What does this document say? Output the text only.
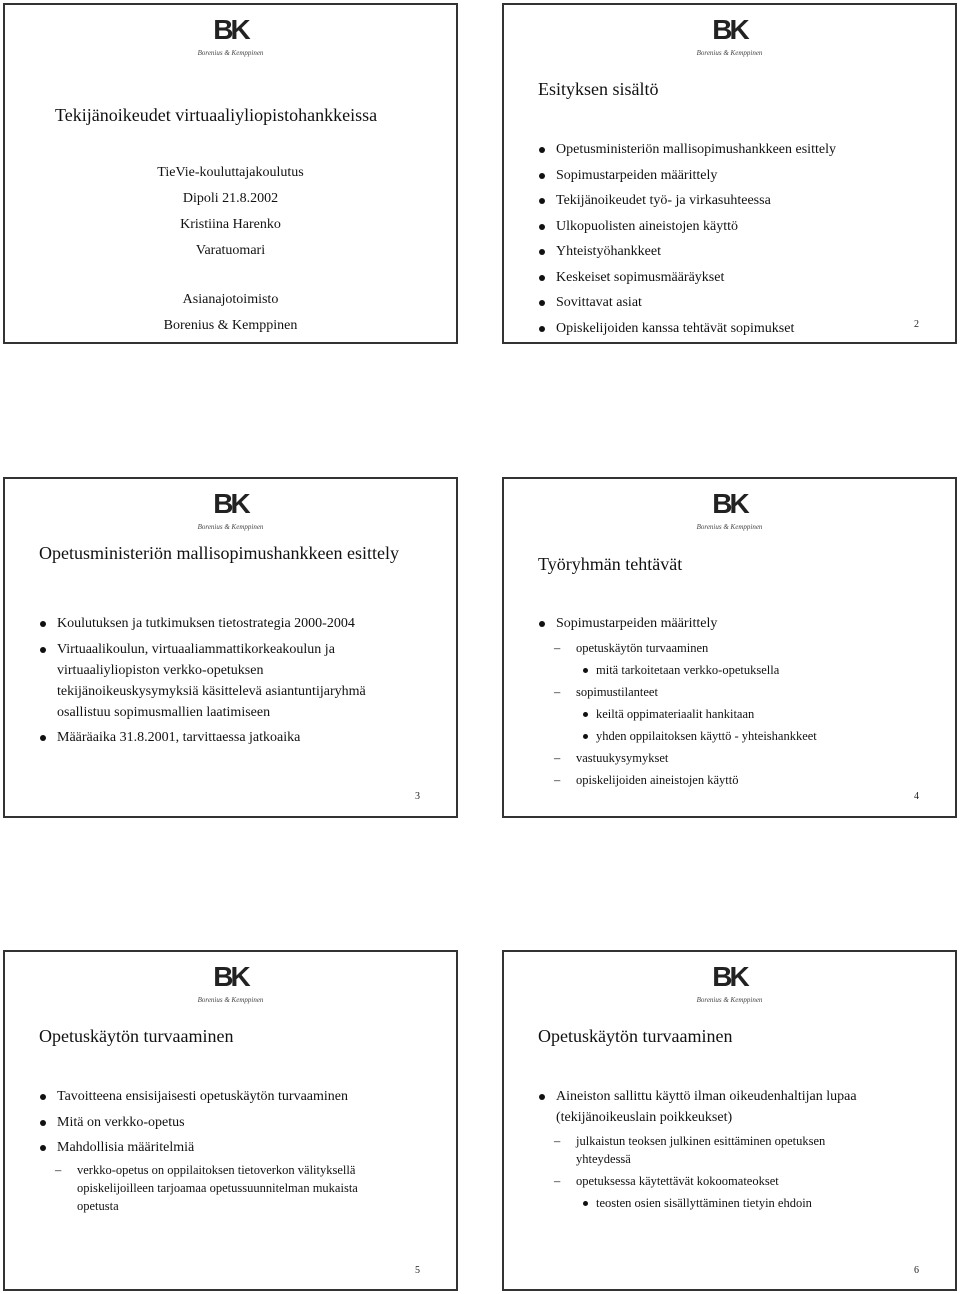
BK
Borenius & Kemppinen
Tekijänoikeudet virtuaaliyliopistohankkeissa
TieVie-kouluttajakoulutus
Dipoli 21.8.2002
Kristiina Harenko
Varatuomari
Asianajotoimisto
Borenius & Kemppinen
BK
Borenius & Kemppinen
Esityksen sisältö
Opetusministeriön mallisopimushankkeen esittely
Sopimustarpeiden määrittely
Tekijänoikeudet työ- ja virkasuhteessa
Ulkopuolisten aineistojen käyttö
Yhteistyöhankkeet
Keskeiset sopimusmääräykset
Sovittavat asiat
Opiskelijoiden kanssa tehtävät sopimukset	2
BK
Borenius & Kemppinen
Opetusministeriön mallisopimushankkeen esittely
Koulutuksen ja tutkimuksen tietostrategia 2000-2004
Virtuaalikoulun, virtuaaliammattikorkeakoulun ja virtuaaliyliopiston verkko-opetuksen tekijänoikeuskysymyksiä käsittelevä asiantuntijaryhmä osallistuu sopimusmallien laatimiseen
Määräaika 31.8.2001, tarvittaessa jatkoaika
3
BK
Borenius & Kemppinen
Työryhmän tehtävät
Sopimustarpeiden määrittely
– opetuskäytön turvaaminen
mitä tarkoitetaan verkko-opetuksella
– sopimustilanteet
keiltä oppimateriaalit hankitaan
yhden oppilaitoksen käyttö - yhteishankkeet
– vastuukysymykset
– opiskelijoiden aineistojen käyttö
4
BK
Borenius & Kemppinen
Opetuskäytön turvaaminen
Tavoitteena ensisijaisesti opetuskäytön turvaaminen
Mitä on verkko-opetus
Mahdollisia määritelmiä
– verkko-opetus on oppilaitoksen tietoverkon välityksellä opiskelijoilleen tarjoamaa opetussuunnitelman mukaista opetusta
5
BK
Borenius & Kemppinen
Opetuskäytön turvaaminen
Aineiston sallittu käyttö ilman oikeudenhaltijan lupaa (tekijänoikeuslain poikkeukset)
– julkaistun teoksen julkinen esittäminen opetuksen yhteydessä
– opetuksessa käytettävät kokoomateokset
teosten osien sisällyttäminen tietyin ehdoin
6
